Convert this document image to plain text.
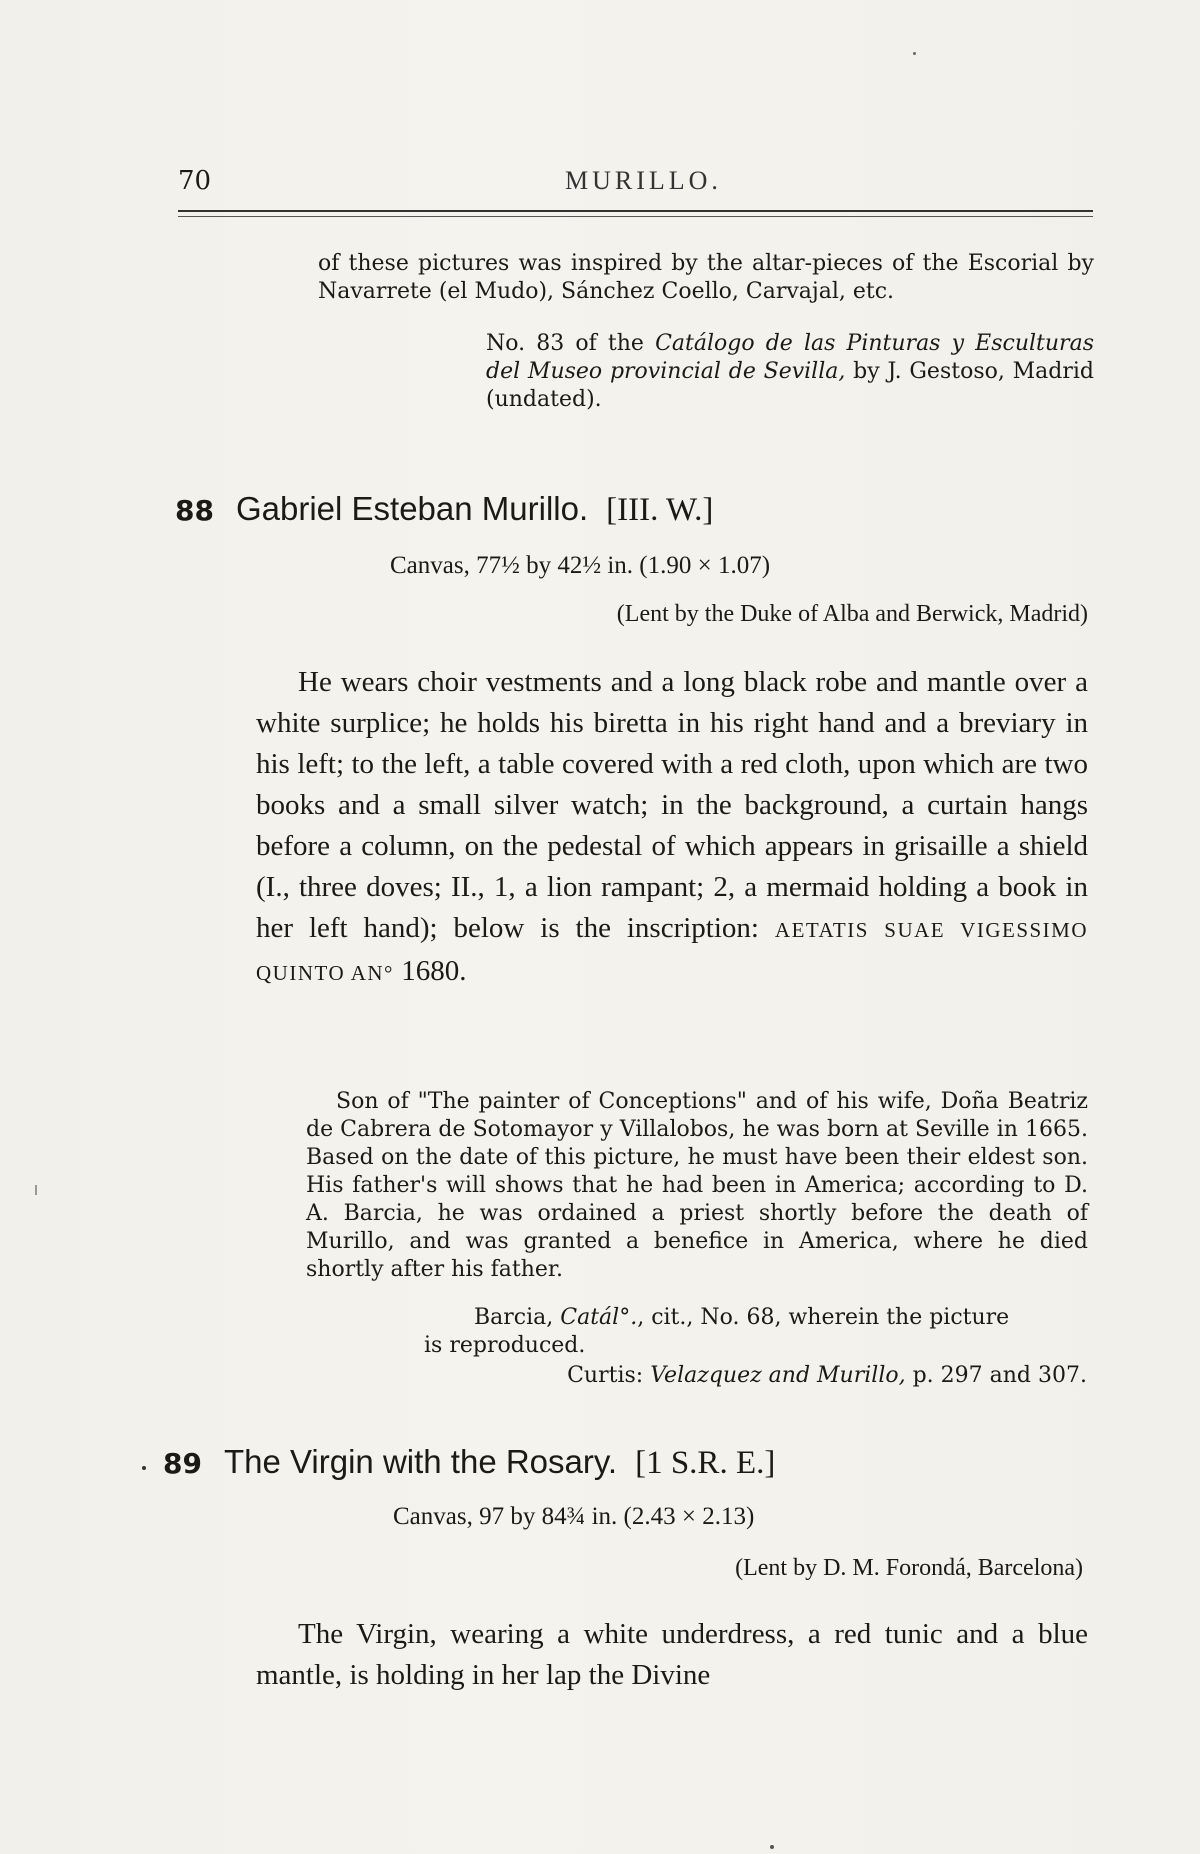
70	MURILLO.
of these pictures was inspired by the altar-pieces of the Escorial by Navarrete (el Mudo), Sánchez Coello, Carvajal, etc.
No. 83 of the Catálogo de las Pinturas y Esculturas del Museo provincial de Sevilla, by J. Gestoso, Madrid (undated).
88 Gabriel Esteban Murillo. [III. W.]
Canvas, 77½ by 42½ in. (1.90 × 1.07)
(Lent by the Duke of Alba and Berwick, Madrid)

He wears choir vestments and a long black robe and mantle over a white surplice; he holds his biretta in his right hand and a breviary in his left; to the left, a table covered with a red cloth, upon which are two books and a small silver watch; in the background, a curtain hangs before a column, on the pedestal of which appears in grisaille a shield (I., three doves; II., 1, a lion rampant; 2, a mermaid holding a book in her left hand); below is the inscription: AETATIS SUAE VIGESSIMO QUINTO AN° 1680.

Son of "The painter of Conceptions" and of his wife, Doña Beatriz de Cabrera de Sotomayor y Villalobos, he was born at Seville in 1665. Based on the date of this picture, he must have been their eldest son. His father's will shows that he had been in America; according to D. A. Barcia, he was ordained a priest shortly before the death of Murillo, and was granted a benefice in America, where he died shortly after his father.

Barcia, Catál°., cit., No. 68, wherein the picture

is reproduced.

Curtis: Velazquez and Murillo, p. 297 and 307.
89 The Virgin with the Rosary. [1 S.R. E.]
Canvas, 97 by 84¾ in. (2.43 × 2.13)
(Lent by D. M. Forondá, Barcelona)

The Virgin, wearing a white underdress, a red tunic and a blue mantle, is holding in her lap the Divine
